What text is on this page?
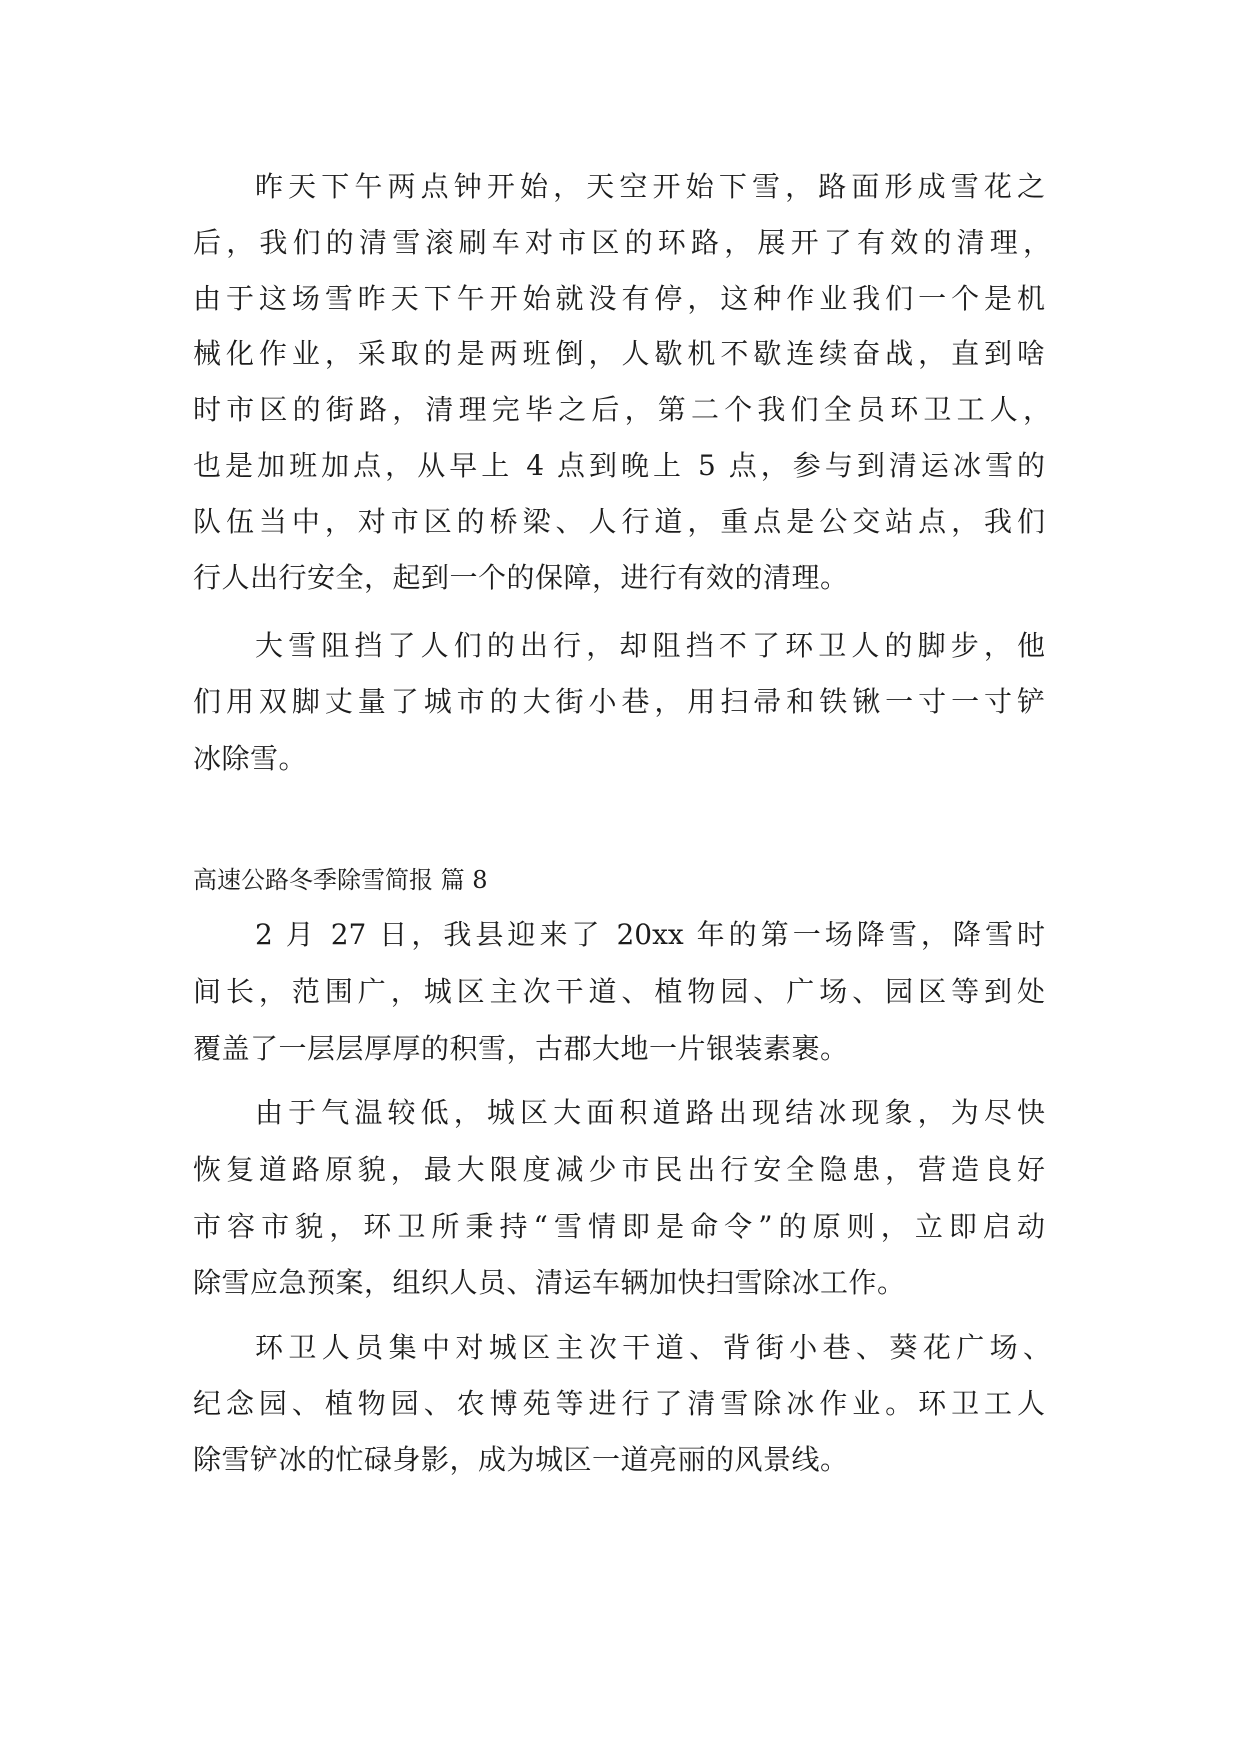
昨天下午两点钟开始，天空开始下雪，路面形成雪花之
后，我们的清雪滚刷车对市区的环路，展开了有效的清理，
由于这场雪昨天下午开始就没有停，这种作业我们一个是机
械化作业，采取的是两班倒，人歇机不歇连续奋战，直到啥
时市区的街路，清理完毕之后，第二个我们全员环卫工人，
也是加班加点，从早上 4 点到晚上 5 点，参与到清运冰雪的
队伍当中，对市区的桥梁、人行道，重点是公交站点，我们
行人出行安全，起到一个的保障，进行有效的清理。
大雪阻挡了人们的出行，却阻挡不了环卫人的脚步，他
们用双脚丈量了城市的大街小巷，用扫帚和铁锹一寸一寸铲
冰除雪。
高速公路冬季除雪简报 篇 8
2 月 27 日，我县迎来了 20xx 年的第一场降雪，降雪时
间长，范围广，城区主次干道、植物园、广场、园区等到处
覆盖了一层层厚厚的积雪，古郡大地一片银装素裹。
由于气温较低，城区大面积道路出现结冰现象，为尽快
恢复道路原貌，最大限度减少市民出行安全隐患，营造良好
市容市貌，环卫所秉持“雪情即是命令”的原则，立即启动
除雪应急预案，组织人员、清运车辆加快扫雪除冰工作。
环卫人员集中对城区主次干道、背街小巷、葵花广场、
纪念园、植物园、农博苑等进行了清雪除冰作业。环卫工人
除雪铲冰的忙碌身影，成为城区一道亮丽的风景线。
